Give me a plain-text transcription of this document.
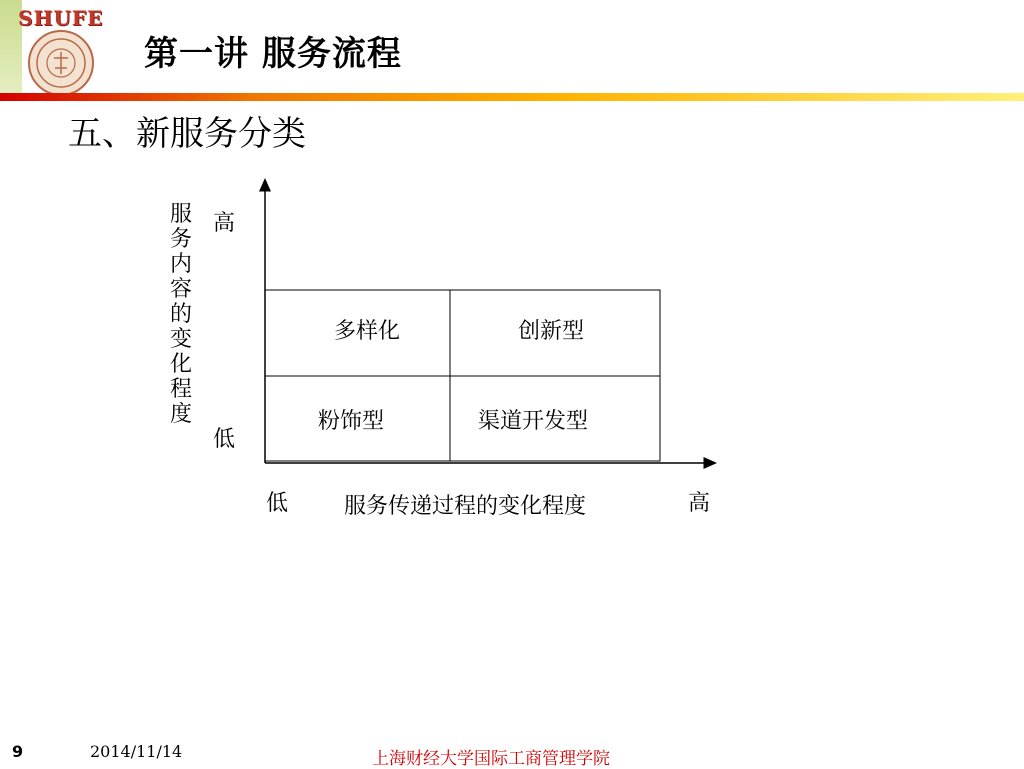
SHUFE
第一讲 服务流程
五、新服务分类
服务内容的变化程度
高
低
多样化	创新型
粉饰型	渠道开发型
低	服务传递过程的变化程度	高
9	2014/11/14	上海财经大学国际工商管理学院
